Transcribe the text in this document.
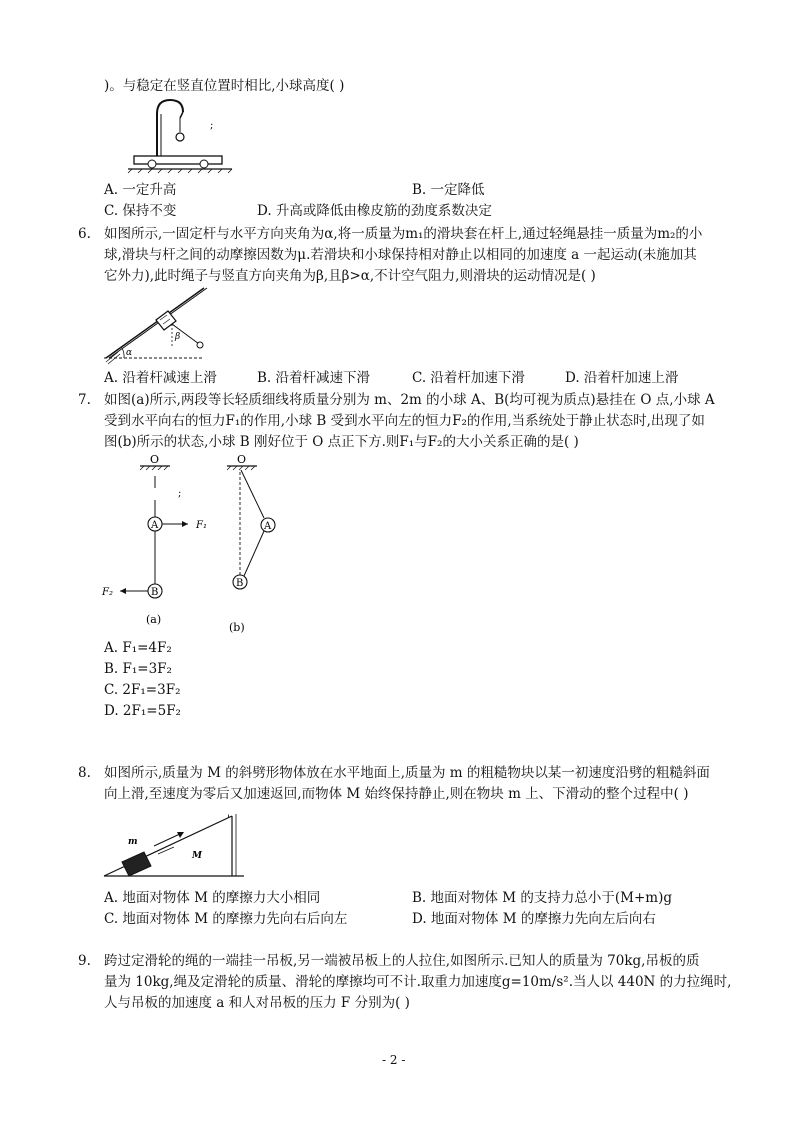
)。与稳定在竖直位置时相比,小球高度( )
;
A. 一定升高	B. 一定降低
C. 保持不变	D. 升高或降低由橡皮筋的劲度系数决定
6. 如图所示,一固定杆与水平方向夹角为α,将一质量为m₁的滑块套在杆上,通过轻绳悬挂一质量为m₂的小
球,滑块与杆之间的动摩擦因数为μ.若滑块和小球保持相对静止以相同的加速度 a 一起运动(未施加其
它外力),此时绳子与竖直方向夹角为β,且β>α,不计空气阻力,则滑块的运动情况是( )
α
β
A. 沿着杆减速上滑	B. 沿着杆减速下滑	C. 沿着杆加速下滑	D. 沿着杆加速上滑
7. 如图(a)所示,两段等长轻质细线将质量分别为 m、2m 的小球 A、B(均可视为质点)悬挂在 O 点,小球 A
受到水平向右的恒力F₁的作用,小球 B 受到水平向左的恒力F₂的作用,当系统处于静止状态时,出现了如
图(b)所示的状态,小球 B 刚好位于 O 点正下方.则F₁与F₂的大小关系正确的是( )
O
;
A	F₁
B
F₂
(a)
O
A
B
(b)
A. F₁=4F₂
B. F₁=3F₂
C. 2F₁=3F₂
D. 2F₁=5F₂
8. 如图所示,质量为 M 的斜劈形物体放在水平地面上,质量为 m 的粗糙物块以某一初速度沿劈的粗糙斜面
向上滑,至速度为零后又加速返回,而物体 M 始终保持静止,则在物块 m 上、下滑动的整个过程中( )
'
m
M
A. 地面对物体 M 的摩擦力大小相同	B. 地面对物体 M 的支持力总小于(M+m)g
C. 地面对物体 M 的摩擦力先向右后向左	D. 地面对物体 M 的摩擦力先向左后向右
9. 跨过定滑轮的绳的一端挂一吊板,另一端被吊板上的人拉住,如图所示.已知人的质量为 70kg,吊板的质
量为 10kg,绳及定滑轮的质量、滑轮的摩擦均可不计.取重力加速度g=10m/s².当人以 440N 的力拉绳时,
人与吊板的加速度 a 和人对吊板的压力 F 分别为( )
- 2 -
